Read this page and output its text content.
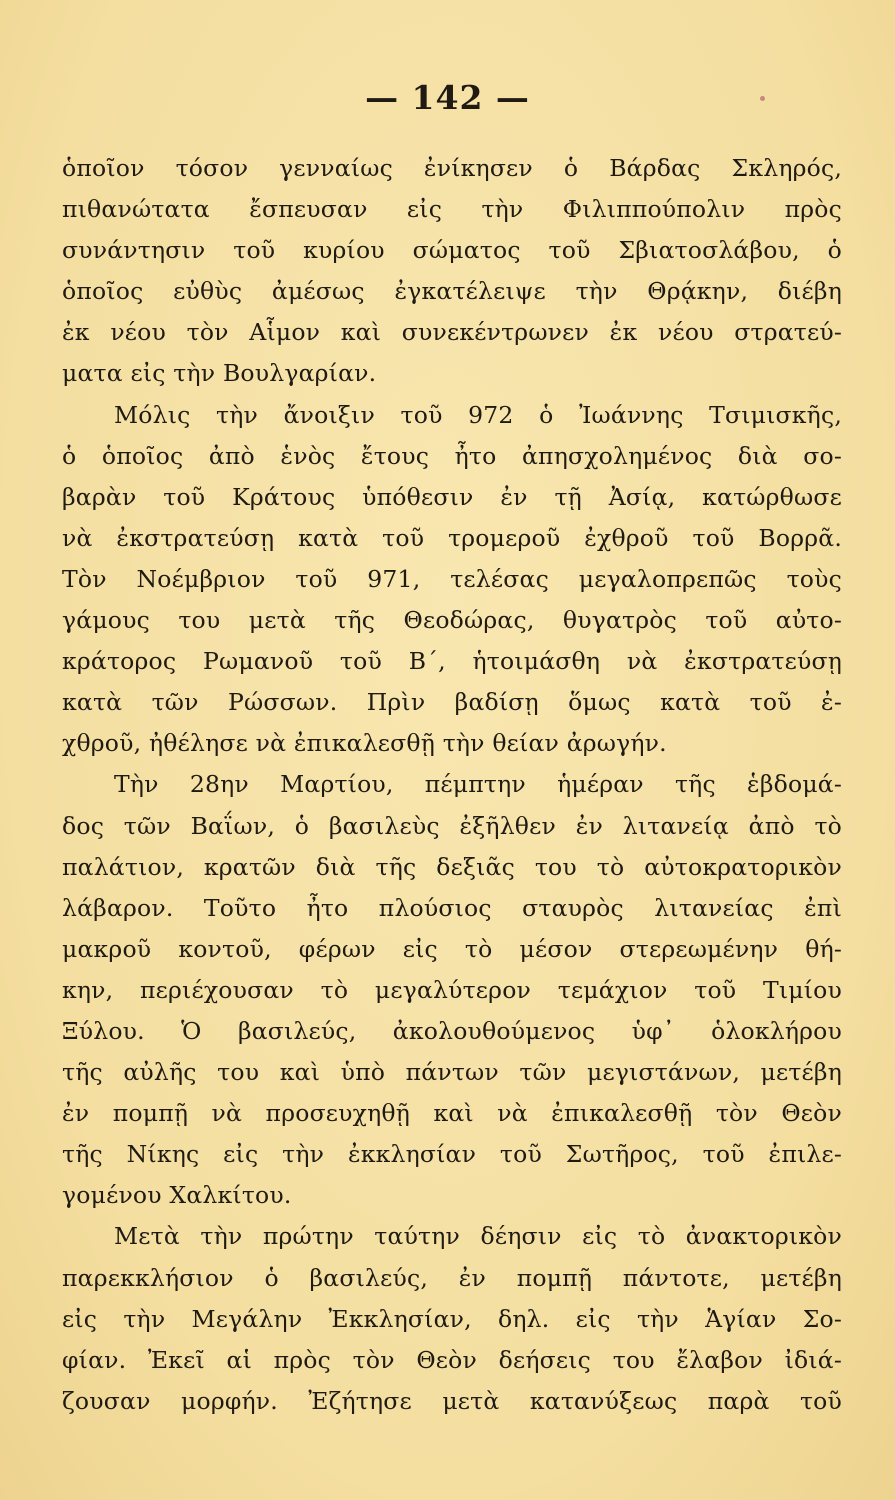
— 142 —
ὁποῖον τόσον γενναίως ἐνίκησεν ὁ Βάρδας Σκληρός,
πιθανώτατα ἔσπευσαν εἰς τὴν Φιλιππούπολιν πρὸς
συνάντησιν τοῦ κυρίου σώματος τοῦ Σβιατοσλάβου, ὁ
ὁποῖος εὐθὺς ἀμέσως ἐγκατέλειψε τὴν Θρᾴκην, διέβη
ἐκ νέου τὸν Αἷμον καὶ συνεκέντρωνεν ἐκ νέου στρατεύ-
ματα εἰς τὴν Βουλγαρίαν.
Μόλις τὴν ἄνοιξιν τοῦ 972 ὁ Ἰωάννης Τσιμισκῆς,
ὁ ὁποῖος ἀπὸ ἑνὸς ἔτους ἦτο ἀπησχολημένος διὰ σο-
βαρὰν τοῦ Κράτους ὑπόθεσιν ἐν τῇ Ἀσίᾳ, κατώρθωσε
νὰ ἐκστρατεύσῃ κατὰ τοῦ τρομεροῦ ἐχθροῦ τοῦ Βορρᾶ.
Τὸν Νοέμβριον τοῦ 971, τελέσας μεγαλοπρεπῶς τοὺς
γάμους του μετὰ τῆς Θεοδώρας, θυγατρὸς τοῦ αὐτο-
κράτορος Ρωμανοῦ τοῦ Β΄, ἡτοιμάσθη νὰ ἐκστρατεύσῃ
κατὰ τῶν Ρώσσων. Πρὶν βαδίσῃ ὅμως κατὰ τοῦ ἐ-
χθροῦ, ἠθέλησε νὰ ἐπικαλεσθῇ τὴν θείαν ἀρωγήν.
Τὴν 28ην Μαρτίου, πέμπτην ἡμέραν τῆς ἑβδομά-
δος τῶν Βαΐων, ὁ βασιλεὺς ἐξῆλθεν ἐν λιτανείᾳ ἀπὸ τὸ
παλάτιον, κρατῶν διὰ τῆς δεξιᾶς του τὸ αὐτοκρατορικὸν
λάβαρον. Τοῦτο ἦτο πλούσιος σταυρὸς λιτανείας ἐπὶ
μακροῦ κοντοῦ, φέρων εἰς τὸ μέσον στερεωμένην θή-
κην, περιέχουσαν τὸ μεγαλύτερον τεμάχιον τοῦ Τιμίου
Ξύλου. Ὁ βασιλεύς, ἀκολουθούμενος ὑφ᾽ ὁλοκλήρου
τῆς αὐλῆς του καὶ ὑπὸ πάντων τῶν μεγιστάνων, μετέβη
ἐν πομπῇ νὰ προσευχηθῇ καὶ νὰ ἐπικαλεσθῇ τὸν Θεὸν
τῆς Νίκης εἰς τὴν ἐκκλησίαν τοῦ Σωτῆρος, τοῦ ἐπιλε-
γομένου Χαλκίτου.
Μετὰ τὴν πρώτην ταύτην δέησιν εἰς τὸ ἀνακτορικὸν
παρεκκλήσιον ὁ βασιλεύς, ἐν πομπῇ πάντοτε, μετέβη
εἰς τὴν Μεγάλην Ἐκκλησίαν, δηλ. εἰς τὴν Ἁγίαν Σο-
φίαν. Ἐκεῖ αἱ πρὸς τὸν Θεὸν δεήσεις του ἔλαβον ἰδιά-
ζουσαν μορφήν. Ἐζήτησε μετὰ κατανύξεως παρὰ τοῦ
